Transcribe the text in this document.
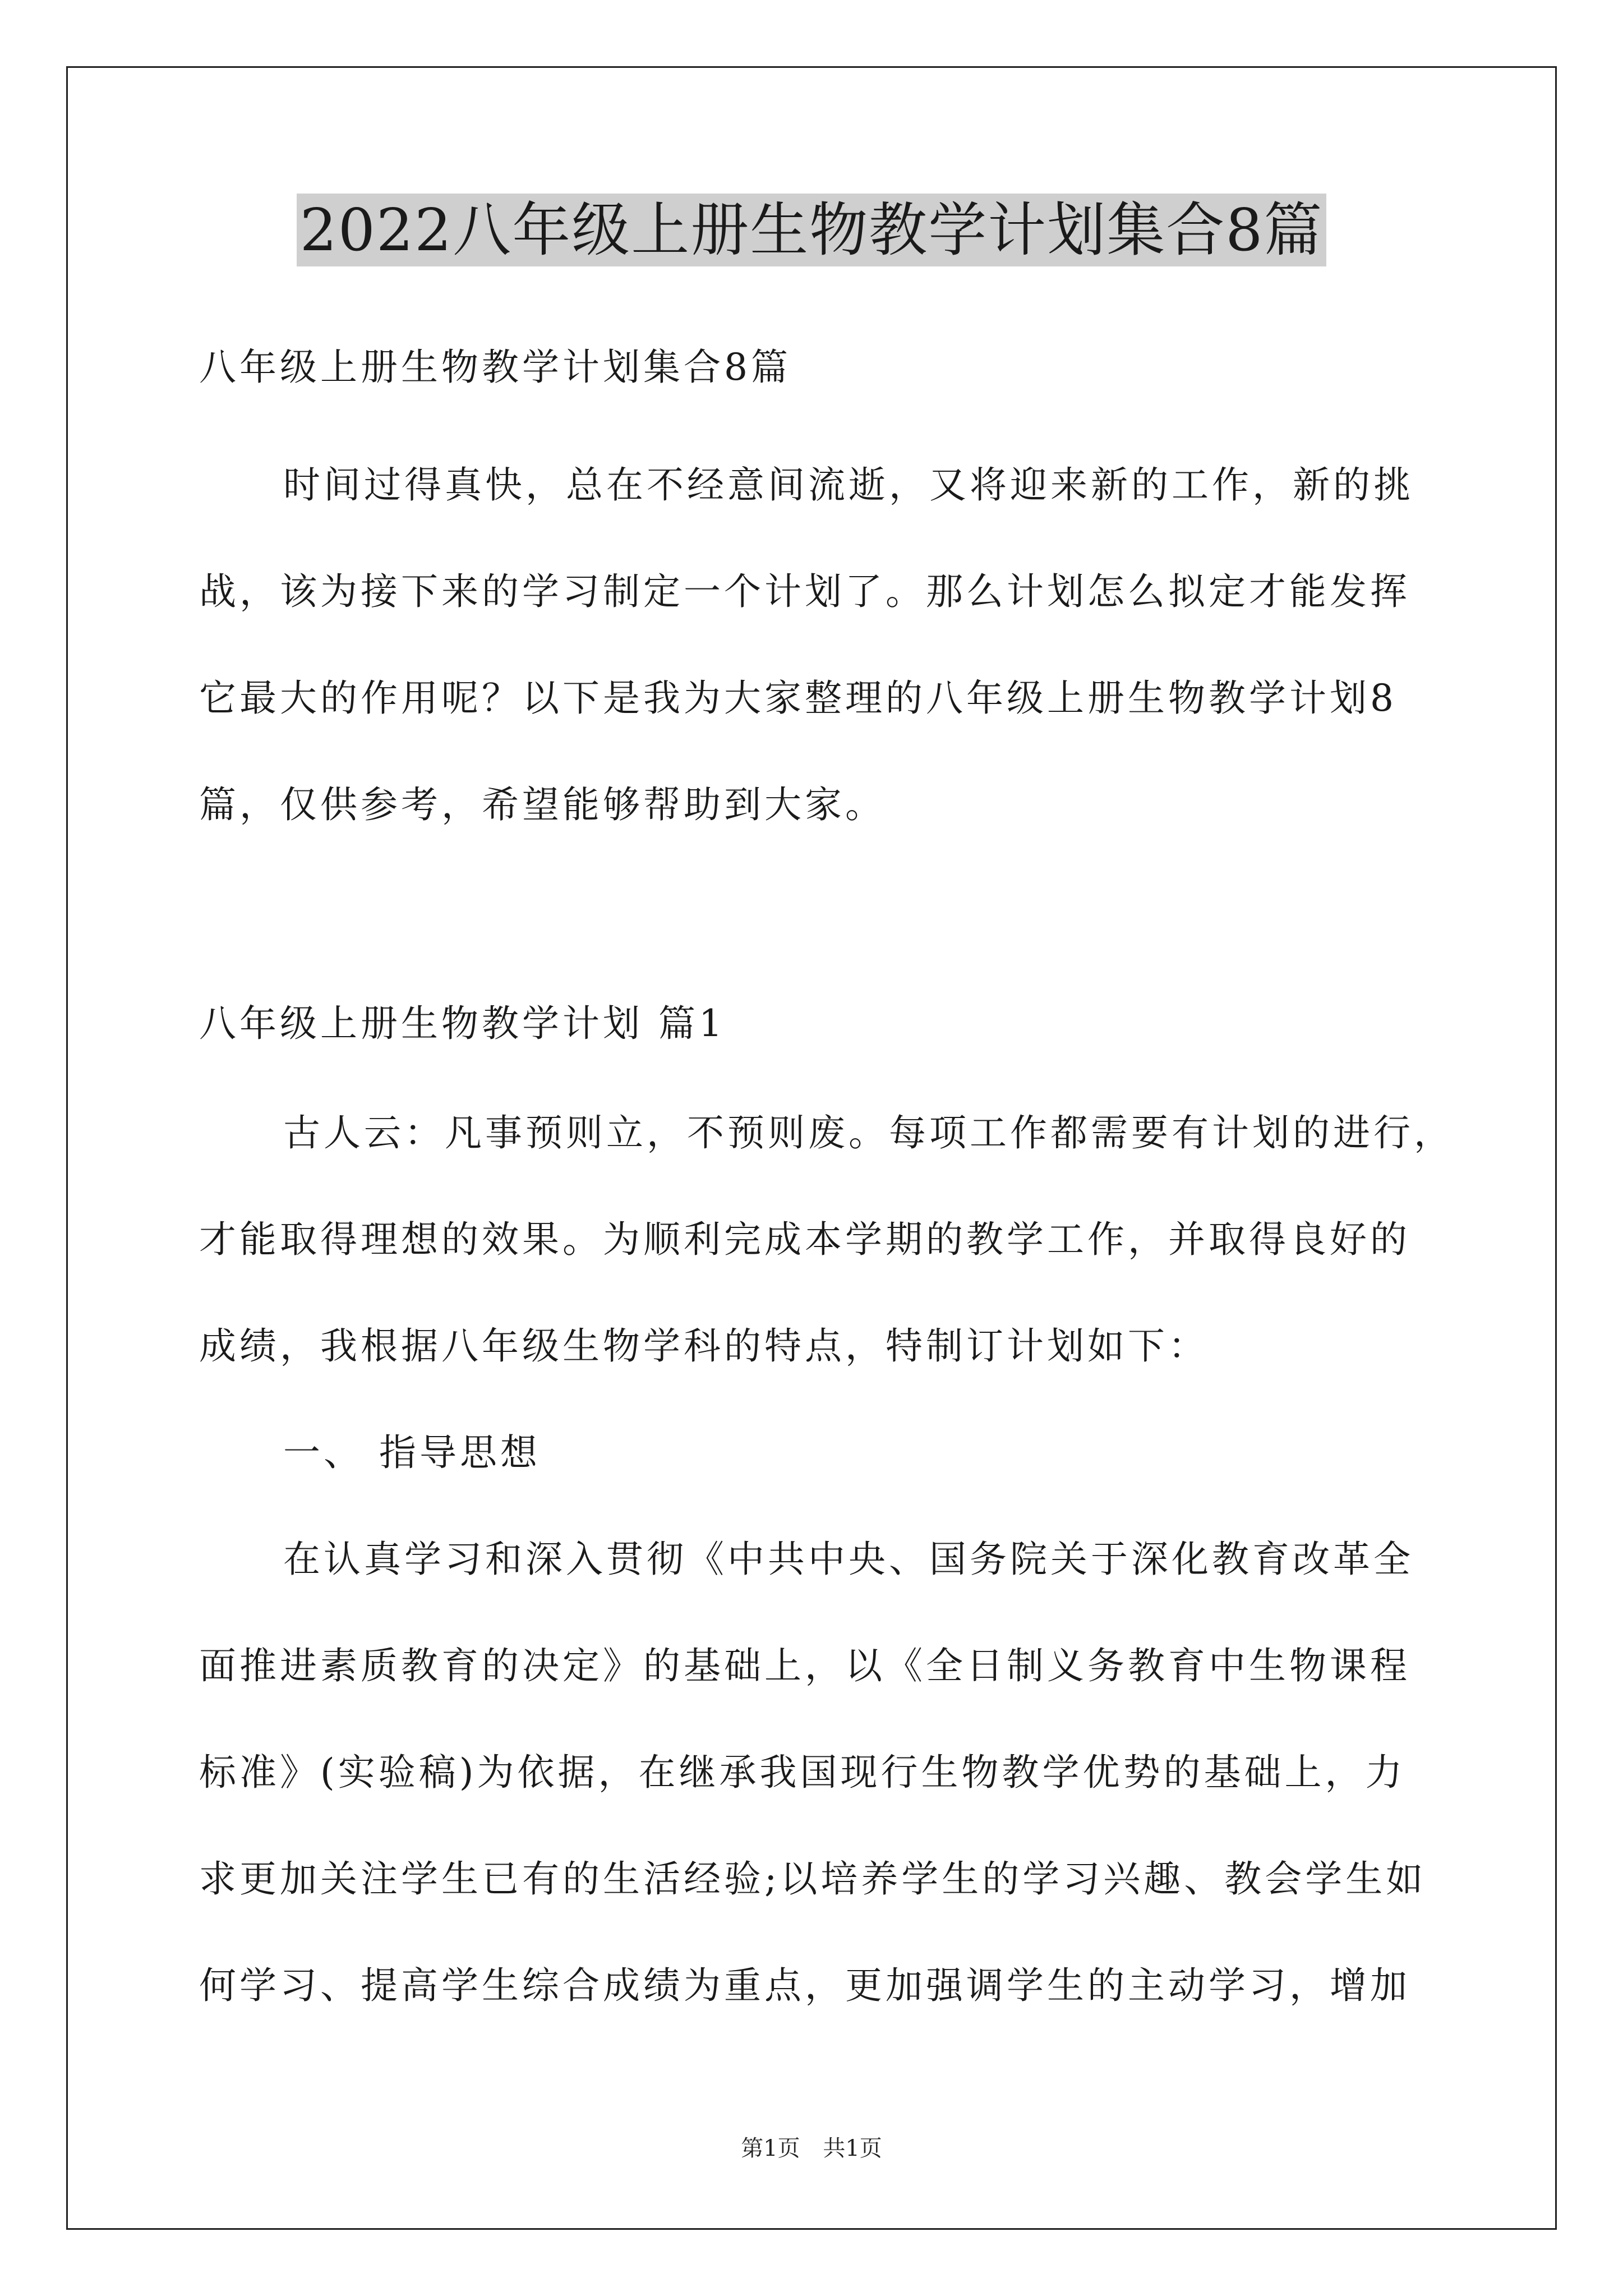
2022八年级上册生物教学计划集合8篇
八年级上册生物教学计划集合8篇
时间过得真快，总在不经意间流逝，又将迎来新的工作，新的挑
战，该为接下来的学习制定一个计划了。那么计划怎么拟定才能发挥
它最大的作用呢？以下是我为大家整理的八年级上册生物教学计划8
篇，仅供参考，希望能够帮助到大家。
八年级上册生物教学计划 篇1
古人云：凡事预则立，不预则废。每项工作都需要有计划的进行，
才能取得理想的效果。为顺利完成本学期的教学工作，并取得良好的
成绩，我根据八年级生物学科的特点，特制订计划如下：
一、 指导思想
在认真学习和深入贯彻《中共中央、国务院关于深化教育改革全
面推进素质教育的决定》的基础上，以《全日制义务教育中生物课程
标准》(实验稿)为依据，在继承我国现行生物教学优势的基础上，力
求更加关注学生已有的生活经验;以培养学生的学习兴趣、教会学生如
何学习、提高学生综合成绩为重点，更加强调学生的主动学习，增加
第1页 共1页
